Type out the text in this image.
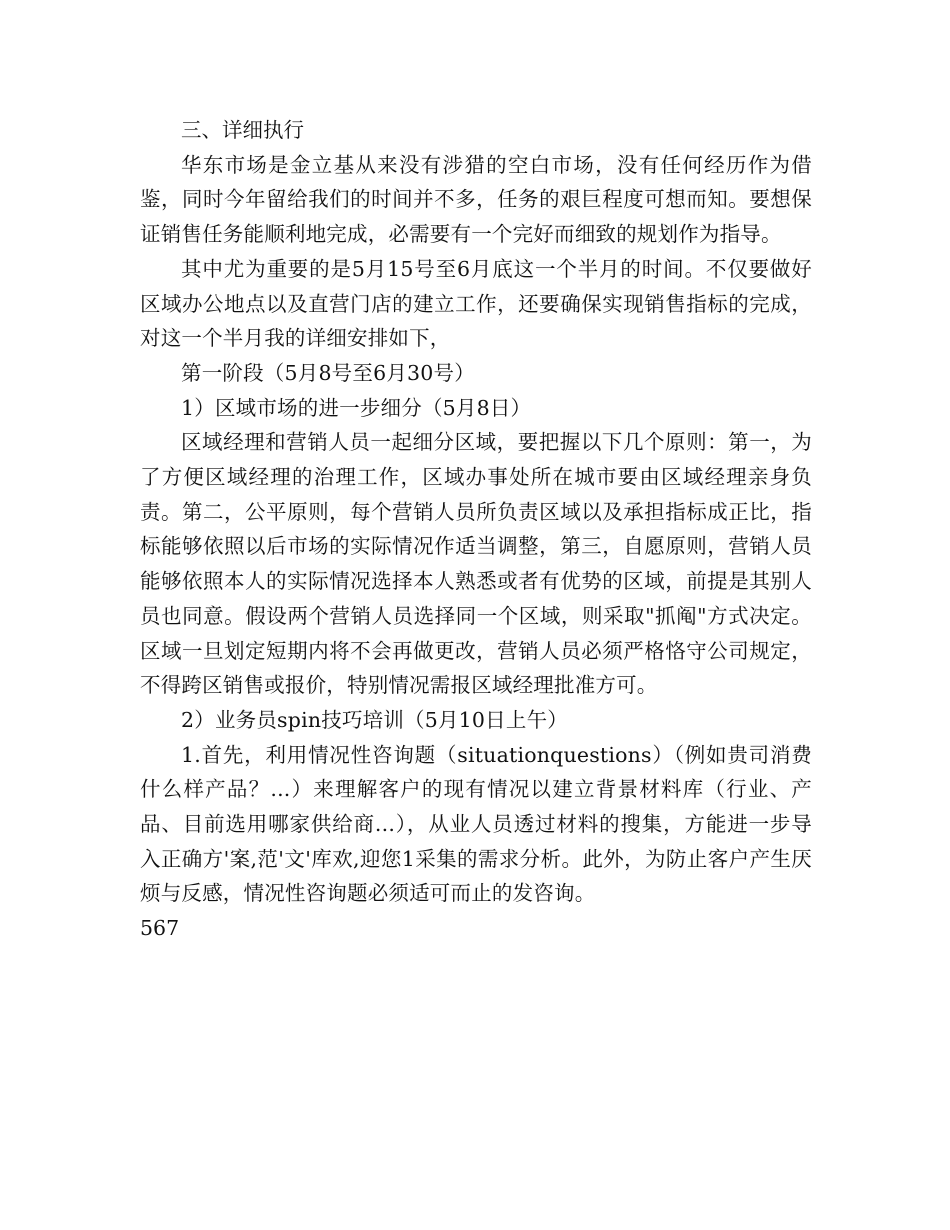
三、详细执行

华东市场是金立基从来没有涉猎的空白市场，没有任何经历作为借鉴，同时今年留给我们的时间并不多，任务的艰巨程度可想而知。要想保证销售任务能顺利地完成，必需要有一个完好而细致的规划作为指导。

其中尤为重要的是5月15号至6月底这一个半月的时间。不仅要做好区域办公地点以及直营门店的建立工作，还要确保实现销售指标的完成，对这一个半月我的详细安排如下，

第一阶段（5月8号至6月30号）

1）区域市场的进一步细分（5月8日）

区域经理和营销人员一起细分区域，要把握以下几个原则：第一，为了方便区域经理的治理工作，区域办事处所在城市要由区域经理亲身负责。第二，公平原则，每个营销人员所负责区域以及承担指标成正比，指标能够依照以后市场的实际情况作适当调整，第三，自愿原则，营销人员能够依照本人的实际情况选择本人熟悉或者有优势的区域，前提是其别人员也同意。假设两个营销人员选择同一个区域，则采取"抓阄"方式决定。区域一旦划定短期内将不会再做更改，营销人员必须严格恪守公司规定，不得跨区销售或报价，特别情况需报区域经理批准方可。

2）业务员spin技巧培训（5月10日上午）

1.首先，利用情况性咨询题（situationquestions）（例如贵司消费什么样产品？...）来理解客户的现有情况以建立背景材料库（行业、产品、目前选用哪家供给商...），从业人员透过材料的搜集，方能进一步导入正确方'案,范'文'库欢,迎您1采集的需求分析。此外，为防止客户产生厌烦与反感，情况性咨询题必须适可而止的发咨询。

567
